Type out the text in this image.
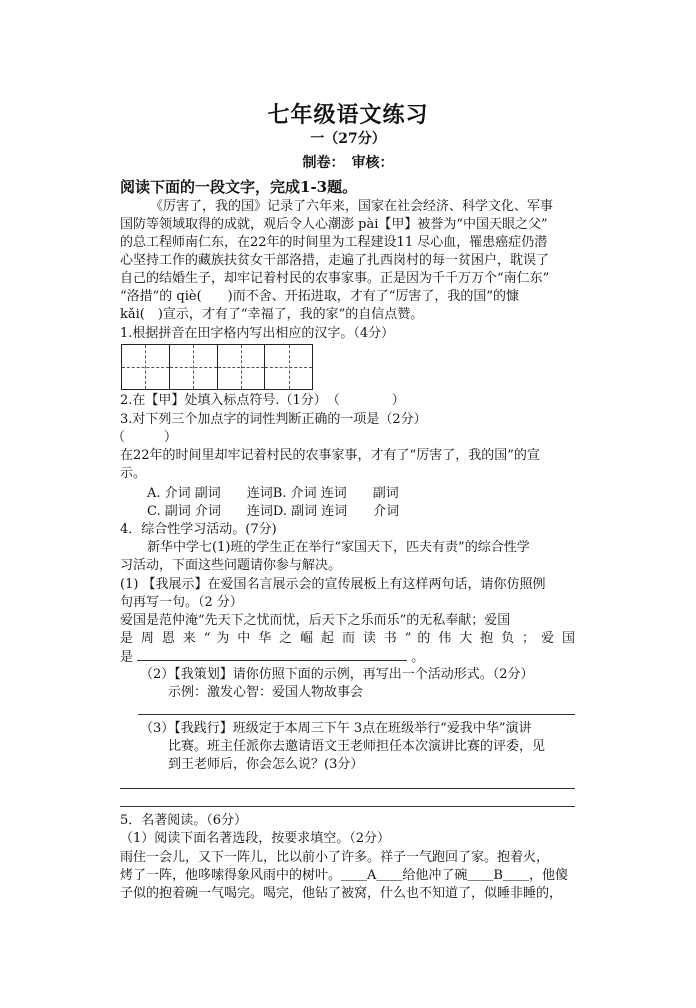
七年级语文练习
一（27分）
制卷：　审核：
阅读下面的一段文字，完成1-3题。
《厉害了，我的国》记录了六年来，国家在社会经济、科学文化、军事
国防等领域取得的成就，观后令人心潮澎 pài【甲】被誉为“中国天眼之父”
的总工程师南仁东，在22年的时间里为工程建设11 尽心血，罹患癌症仍潜
心坚持工作的藏族扶贫女干部洛措，走遍了扎西岗村的每一贫困户，耽误了
自己的结婚生子，却牢记着村民的农事家事。正是因为千千万万个“南仁东”
“洛措”的 qiè(　　)而不舍、开拓进取，才有了“厉害了，我的国”的慷
kǎi(　)宣示，才有了“幸福了，我的家”的自信点赞。
1.根据拼音在田字格内写出相应的汉字。（4分）
2.在【甲】处填入标点符号.（1分）　（　　　　）
3.对下列三个加点字的词性判断正确的一项是（2分）
（　　　）
在22年的时间里却牢记着村民的农事家事，才有了“厉害了，我的国”的宣
示。
A. 介词 副词　　连词B. 介词 连词　　副词
C. 副词 介词　　连词D. 副词 连词　　介词
4．综合性学习活动。(7分)
新华中学七(1)班的学生正在举行“家国天下，匹夫有责”的综合性学
习活动，下面这些问题请你参与解决。
(1) 【我展示】在爱国名言展示会的宣传展板上有这样两句话，请你仿照例
句再写一句。（2 分）
爱国是范仲淹“先天下之忧而忧，后天下之乐而乐”的无私奉献；爱国
是 周 恩 来 “ 为 中 华 之 崛 起 而 读 书 ” 的 伟 大 抱 负 ； 爱 国
是	。
（2）【我策划】请你仿照下面的示例，再写出一个活动形式。（2分）
示例：激发心智：爱国人物故事会
（3）【我践行】班级定于本周三下午 3点在班级举行“爱我中华”演讲
比赛。班主任派你去邀请语文王老师担任本次演讲比赛的评委，见
到王老师后，你会怎么说？(3分）
5．名著阅读。（6分）
（1）阅读下面名著选段，按要求填空。（2分）
雨住一会儿，又下一阵儿，比以前小了许多。祥子一气跑回了家。抱着火，
烤了一阵，他哆嗦得象风雨中的树叶。＿＿A＿＿给他冲了碗＿＿B＿＿，他傻
子似的抱着碗一气喝完。喝完，他钻了被窝，什么也不知道了，似睡非睡的，
